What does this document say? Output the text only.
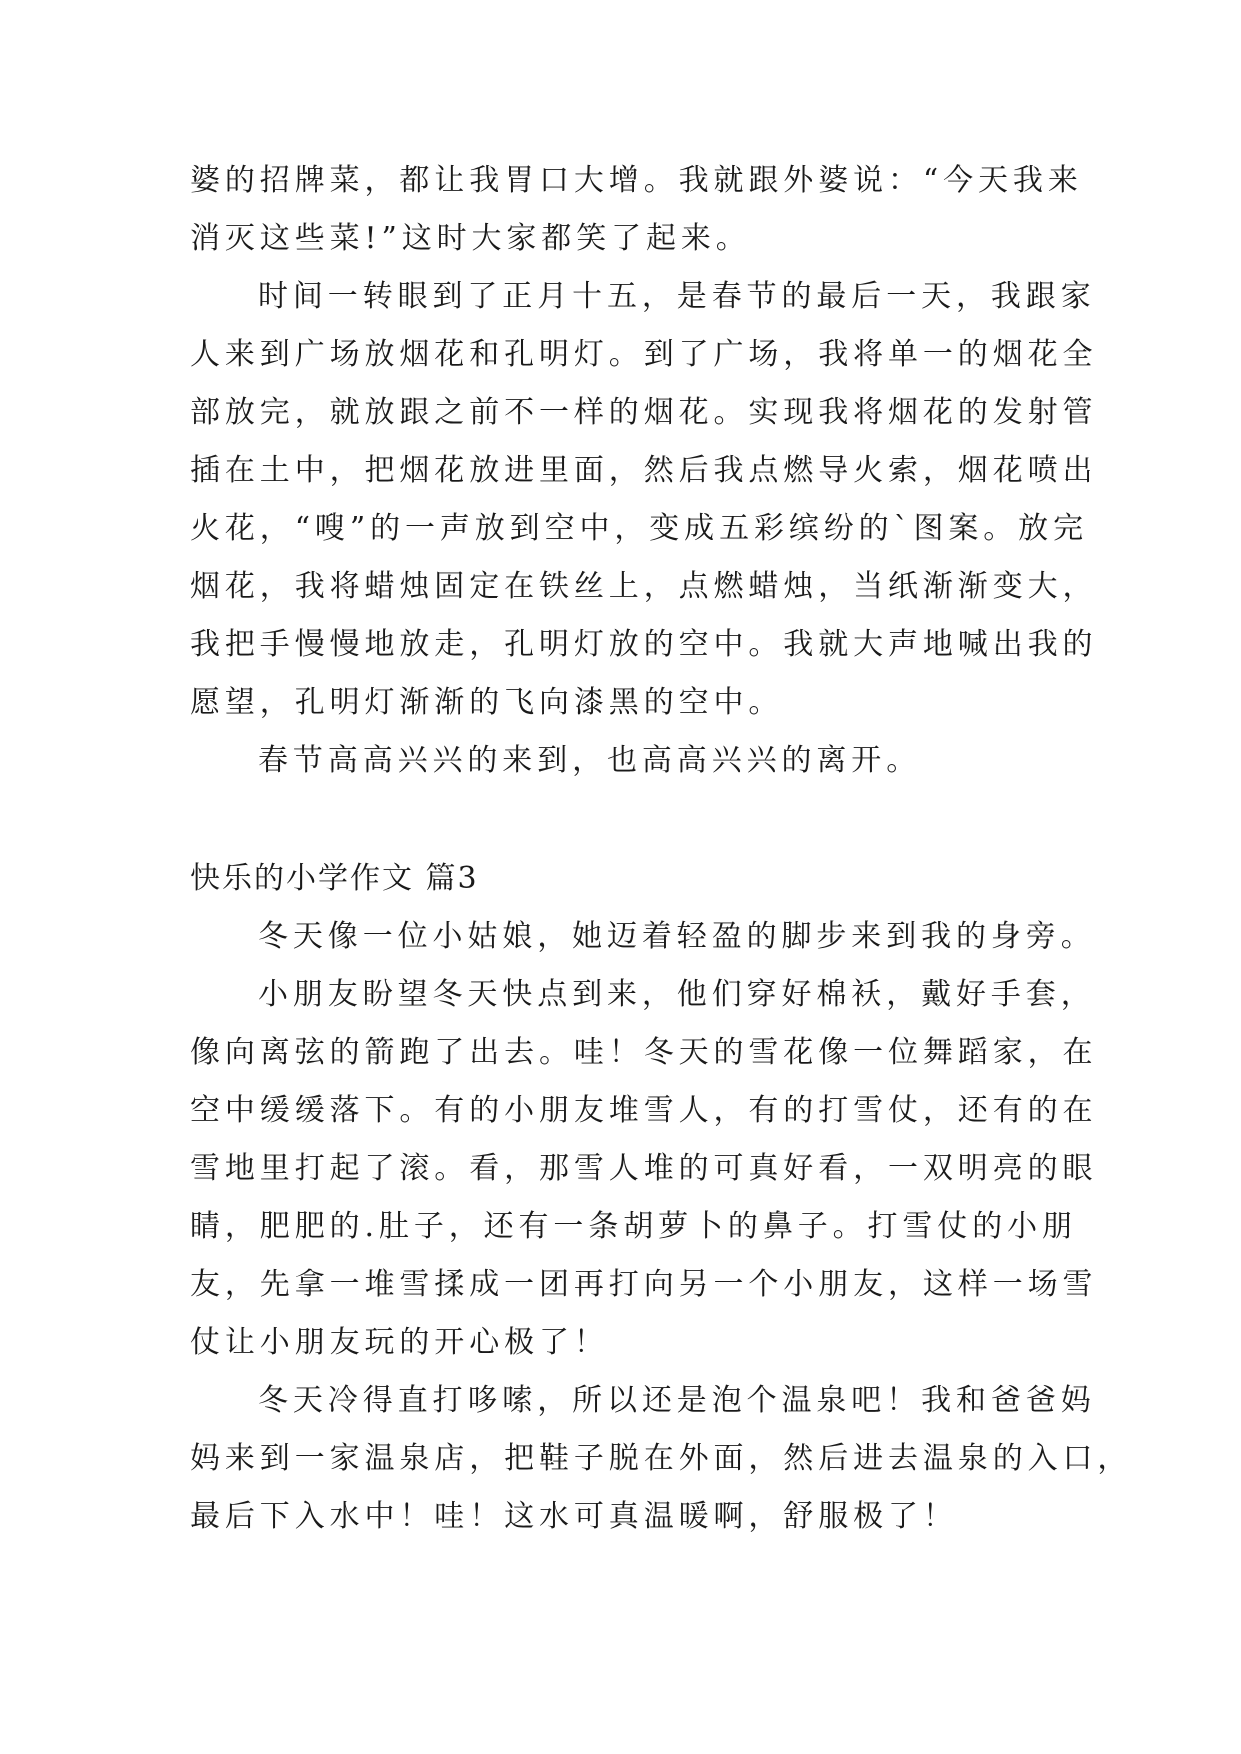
婆的招牌菜，都让我胃口大增。我就跟外婆说：“今天我来
消灭这些菜!”这时大家都笑了起来。
时间一转眼到了正月十五，是春节的最后一天，我跟家
人来到广场放烟花和孔明灯。到了广场，我将单一的烟花全
部放完，就放跟之前不一样的烟花。实现我将烟花的发射管
插在土中，把烟花放进里面，然后我点燃导火索，烟花喷出
火花，“嗖”的一声放到空中，变成五彩缤纷的`图案。放完
烟花，我将蜡烛固定在铁丝上，点燃蜡烛，当纸渐渐变大，
我把手慢慢地放走，孔明灯放的空中。我就大声地喊出我的
愿望，孔明灯渐渐的飞向漆黑的空中。
春节高高兴兴的来到，也高高兴兴的离开。
快乐的小学作文 篇3
冬天像一位小姑娘，她迈着轻盈的脚步来到我的身旁。
小朋友盼望冬天快点到来，他们穿好棉袄，戴好手套，
像向离弦的箭跑了出去。哇！冬天的雪花像一位舞蹈家，在
空中缓缓落下。有的小朋友堆雪人，有的打雪仗，还有的在
雪地里打起了滚。看，那雪人堆的可真好看，一双明亮的眼
睛，肥肥的.肚子，还有一条胡萝卜的鼻子。打雪仗的小朋
友，先拿一堆雪揉成一团再打向另一个小朋友，这样一场雪
仗让小朋友玩的开心极了！
冬天冷得直打哆嗦，所以还是泡个温泉吧！我和爸爸妈
妈来到一家温泉店，把鞋子脱在外面，然后进去温泉的入口，
最后下入水中！哇！这水可真温暖啊，舒服极了！
